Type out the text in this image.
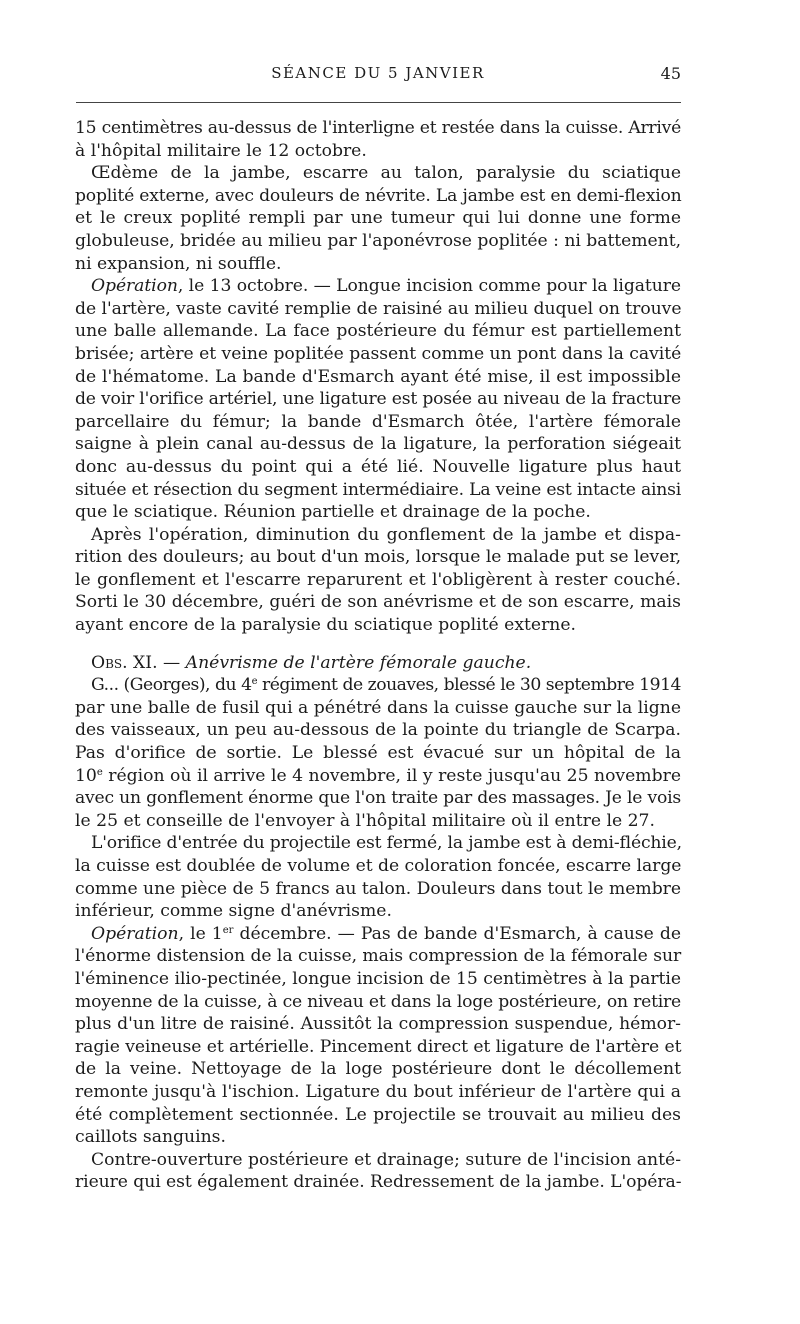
SÉANCE DU 5 JANVIER	45
15 centimètres au-dessus de l'interligne et restée dans la cuisse. Arrivé
à l'hôpital militaire le 12 octobre.
Œdème de la jambe, escarre au talon, paralysie du sciatique
poplité externe, avec douleurs de névrite. La jambe est en demi-flexion
et le creux poplité rempli par une tumeur qui lui donne une forme
globuleuse, bridée au milieu par l'aponévrose poplitée : ni battement,
ni expansion, ni souffle.
Opération, le 13 octobre. — Longue incision comme pour la ligature
de l'artère, vaste cavité remplie de raisiné au milieu duquel on trouve
une balle allemande. La face postérieure du fémur est partiellement
brisée; artère et veine poplitée passent comme un pont dans la cavité
de l'hématome. La bande d'Esmarch ayant été mise, il est impossible
de voir l'orifice artériel, une ligature est posée au niveau de la fracture
parcellaire du fémur; la bande d'Esmarch ôtée, l'artère fémorale
saigne à plein canal au-dessus de la ligature, la perforation siégeait
donc au-dessus du point qui a été lié. Nouvelle ligature plus haut
située et résection du segment intermédiaire. La veine est intacte ainsi
que le sciatique. Réunion partielle et drainage de la poche.
Après l'opération, diminution du gonflement de la jambe et dispa-
rition des douleurs; au bout d'un mois, lorsque le malade put se lever,
le gonflement et l'escarre reparurent et l'obligèrent à rester couché.
Sorti le 30 décembre, guéri de son anévrisme et de son escarre, mais
ayant encore de la paralysie du sciatique poplité externe.
Obs. XI. — Anévrisme de l'artère fémorale gauche.
G... (Georges), du 4e régiment de zouaves, blessé le 30 septembre 1914
par une balle de fusil qui a pénétré dans la cuisse gauche sur la ligne
des vaisseaux, un peu au-dessous de la pointe du triangle de Scarpa.
Pas d'orifice de sortie. Le blessé est évacué sur un hôpital de la
10e région où il arrive le 4 novembre, il y reste jusqu'au 25 novembre
avec un gonflement énorme que l'on traite par des massages. Je le vois
le 25 et conseille de l'envoyer à l'hôpital militaire où il entre le 27.
L'orifice d'entrée du projectile est fermé, la jambe est à demi-fléchie,
la cuisse est doublée de volume et de coloration foncée, escarre large
comme une pièce de 5 francs au talon. Douleurs dans tout le membre
inférieur, comme signe d'anévrisme.
Opération, le 1er décembre. — Pas de bande d'Esmarch, à cause de
l'énorme distension de la cuisse, mais compression de la fémorale sur
l'éminence ilio-pectinée, longue incision de 15 centimètres à la partie
moyenne de la cuisse, à ce niveau et dans la loge postérieure, on retire
plus d'un litre de raisiné. Aussitôt la compression suspendue, hémor-
ragie veineuse et artérielle. Pincement direct et ligature de l'artère et
de la veine. Nettoyage de la loge postérieure dont le décollement
remonte jusqu'à l'ischion. Ligature du bout inférieur de l'artère qui a
été complètement sectionnée. Le projectile se trouvait au milieu des
caillots sanguins.
Contre-ouverture postérieure et drainage; suture de l'incision anté-
rieure qui est également drainée. Redressement de la jambe. L'opéra-
